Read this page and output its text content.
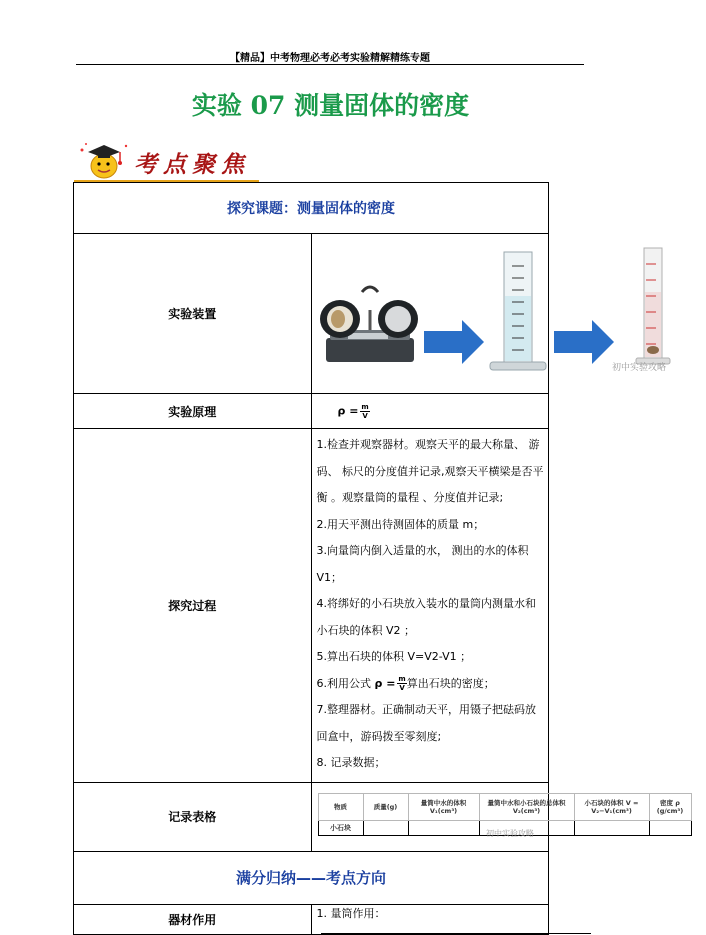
【精品】中考物理必考必考实验精解精练专题
实验 07 测量固体的密度
考点聚焦
探究课题：测量固体的密度
实验装置	
初中实验攻略

实验原理	$\rho = \frac{m}{V}$

探究过程	

1.检查并观察器材。观察天平的最大称量、 游码、 标尺的分度值并记录,观察天平横梁是否平衡 。观察量筒的量程 、分度值并记录;

2.用天平测出待测固体的质量 m；

3.向量筒内倒入适量的水， 测出的水的体积 V1；

4.将绑好的小石块放入装水的量筒内测量水和小石块的体积 V2 ；

5.算出石块的体积 V=V2-V1 ；

6.利用公式 $\rho = \frac{m}{V}$ 算出石块的密度；

7.整理器材。正确制动天平，用镊子把砝码放回盒中，游码拨至零刻度;

8. 记录数据；

记录表格	
物质	质量(g)	量筒中水的体积 V₁(cm³)	量筒中水和小石块的总体积 V₂(cm³)	小石块的体积 V = V₂−V₁(cm³)	密度 ρ (g/cm³)
小石块					
初中实验攻略

满分归纳——考点方向
器材作用	1. 量筒作用：
